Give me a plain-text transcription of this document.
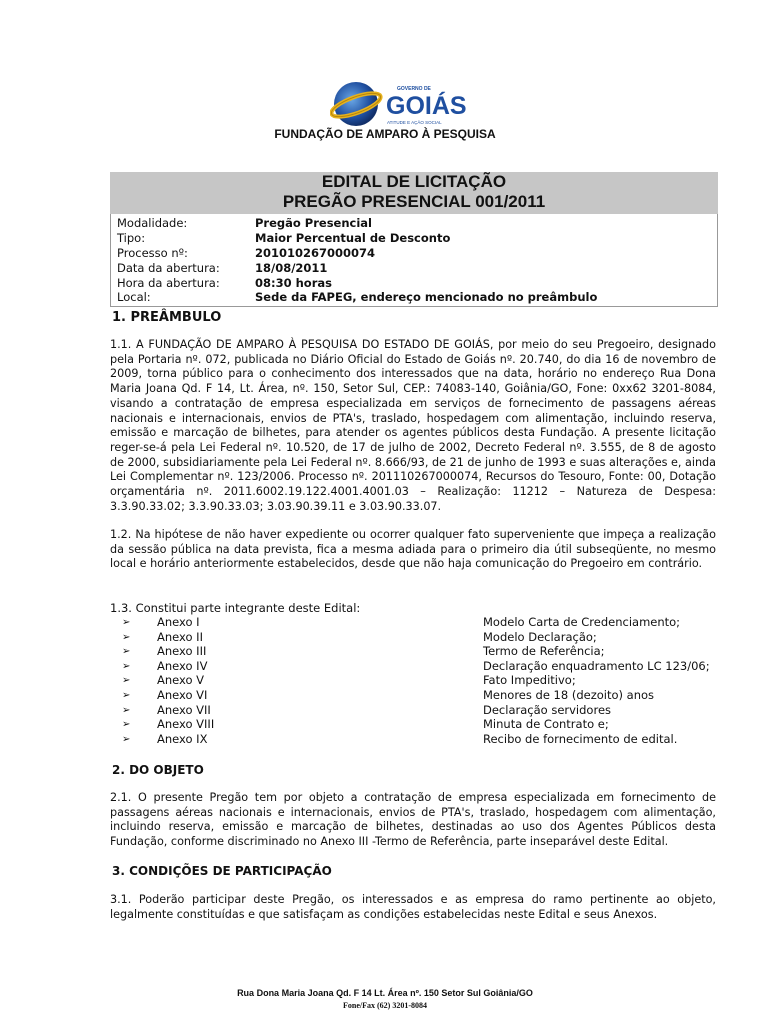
GOVERNO DE
GOIÁS
ATITUDE E AÇÃO SOCIAL
FUNDAÇÃO DE AMPARO À PESQUISA
EDITAL DE LICITAÇÃO
PREGÃO PRESENCIAL 001/2011
Modalidade:	Pregão Presencial
Tipo:	Maior Percentual de Desconto
Processo nº:	201010267000074
Data da abertura:	18/08/2011
Hora da abertura:	08:30 horas
Local:	Sede da FAPEG, endereço mencionado no preâmbulo
1. PREÂMBULO

1.1. A FUNDAÇÃO DE AMPARO À PESQUISA DO ESTADO DE GOIÁS, por meio do seu Pregoeiro, designado pela Portaria nº. 072, publicada no Diário Oficial do Estado de Goiás nº. 20.740, do dia 16 de novembro de 2009, torna público para o conhecimento dos interessados que na data, horário no endereço Rua Dona Maria Joana Qd. F 14, Lt. Área, nº. 150, Setor Sul, CEP.: 74083-140, Goiânia/GO, Fone: 0xx62 3201-8084, visando a contratação de empresa especializada em serviços de fornecimento de passagens aéreas nacionais e internacionais, envios de PTA's, traslado, hospedagem com alimentação, incluindo reserva, emissão e marcação de bilhetes, para atender os agentes públicos desta Fundação. A presente licitação reger-se-á pela Lei Federal nº. 10.520, de 17 de julho de 2002, Decreto Federal nº. 3.555, de 8 de agosto de 2000, subsidiariamente pela Lei Federal nº. 8.666/93, de 21 de junho de 1993 e suas alterações e, ainda Lei Complementar nº. 123/2006. Processo nº. 201110267000074, Recursos do Tesouro, Fonte: 00, Dotação orçamentária nº. 2011.6002.19.122.4001.4001.03 – Realização: 11212 – Natureza de Despesa: 3.3.90.33.02; 3.3.90.33.03; 3.03.90.39.11 e 3.03.90.33.07.

1.2. Na hipótese de não haver expediente ou ocorrer qualquer fato superveniente que impeça a realização da sessão pública na data prevista, fica a mesma adiada para o primeiro dia útil subseqüente, no mesmo local e horário anteriormente estabelecidos, desde que não haja comunicação do Pregoeiro em contrário.

1.3. Constitui parte integrante deste Edital:
➢ Anexo I	Modelo Carta de Credenciamento;
➢ Anexo II	Modelo Declaração;
➢ Anexo III	Termo de Referência;
➢ Anexo IV	Declaração enquadramento LC 123/06;
➢ Anexo V	Fato Impeditivo;
➢ Anexo VI	Menores de 18 (dezoito) anos
➢ Anexo VII	Declaração servidores
➢ Anexo VIII	Minuta de Contrato e;
➢ Anexo IX	Recibo de fornecimento de edital.
2. DO OBJETO

2.1. O presente Pregão tem por objeto a contratação de empresa especializada em fornecimento de passagens aéreas nacionais e internacionais, envios de PTA's, traslado, hospedagem com alimentação, incluindo reserva, emissão e marcação de bilhetes, destinadas ao uso dos Agentes Públicos desta Fundação, conforme discriminado no Anexo III -Termo de Referência, parte inseparável deste Edital.

3. CONDIÇÕES DE PARTICIPAÇÃO

3.1. Poderão participar deste Pregão, os interessados e as empresa do ramo pertinente ao objeto, legalmente constituídas e que satisfaçam as condições estabelecidas neste Edital e seus Anexos.

Rua Dona Maria Joana Qd. F 14 Lt. Área nº. 150 Setor Sul Goiânia/GO
Fone/Fax (62) 3201-8084
